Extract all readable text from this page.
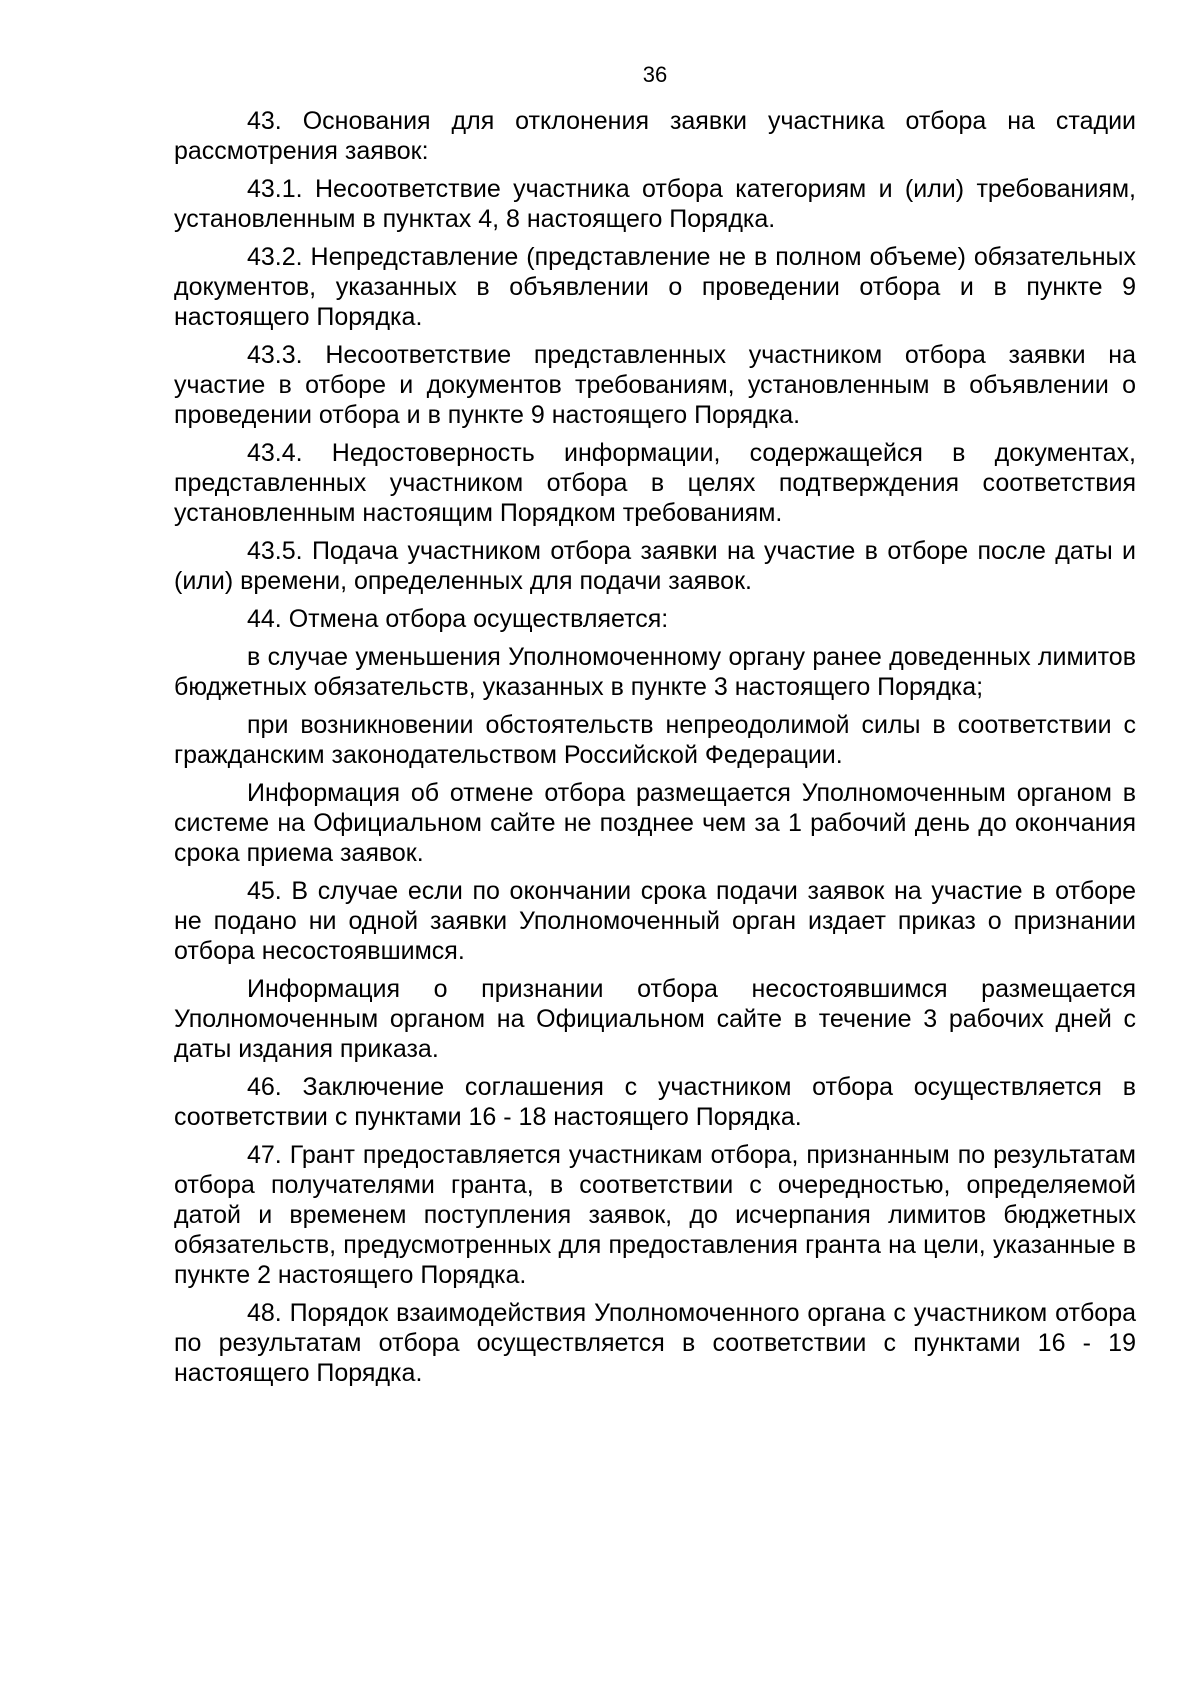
36

43. Основания для отклонения заявки участника отбора на стадии рассмотрения заявок:

43.1. Несоответствие участника отбора категориям и (или) требованиям, установленным в пунктах 4, 8 настоящего Порядка.

43.2. Непредставление (представление не в полном объеме) обязательных документов, указанных в объявлении о проведении отбора и в пункте 9 настоящего Порядка.

43.3. Несоответствие представленных участником отбора заявки на участие в отборе и документов требованиям, установленным в объявлении о проведении отбора и в пункте 9 настоящего Порядка.

43.4. Недостоверность информации, содержащейся в документах, представленных участником отбора в целях подтверждения соответствия установленным настоящим Порядком требованиям.

43.5. Подача участником отбора заявки на участие в отборе после даты и (или) времени, определенных для подачи заявок.

44. Отмена отбора осуществляется:

в случае уменьшения Уполномоченному органу ранее доведенных лимитов бюджетных обязательств, указанных в пункте 3 настоящего Порядка;

при возникновении обстоятельств непреодолимой силы в соответствии с гражданским законодательством Российской Федерации.

Информация об отмене отбора размещается Уполномоченным органом в системе на Официальном сайте не позднее чем за 1 рабочий день до окончания срока приема заявок.

45. В случае если по окончании срока подачи заявок на участие в отборе не подано ни одной заявки Уполномоченный орган издает приказ о признании отбора несостоявшимся.

Информация о признании отбора несостоявшимся размещается Уполномоченным органом на Официальном сайте в течение 3 рабочих дней с даты издания приказа.

46. Заключение соглашения с участником отбора осуществляется в соответствии с пунктами 16 - 18 настоящего Порядка.

47. Грант предоставляется участникам отбора, признанным по результатам отбора получателями гранта, в соответствии с очередностью, определяемой датой и временем поступления заявок, до исчерпания лимитов бюджетных обязательств, предусмотренных для предоставления гранта на цели, указанные в пункте 2 настоящего Порядка.

48. Порядок взаимодействия Уполномоченного органа с участником отбора по результатам отбора осуществляется в соответствии с пунктами 16 - 19 настоящего Порядка.
